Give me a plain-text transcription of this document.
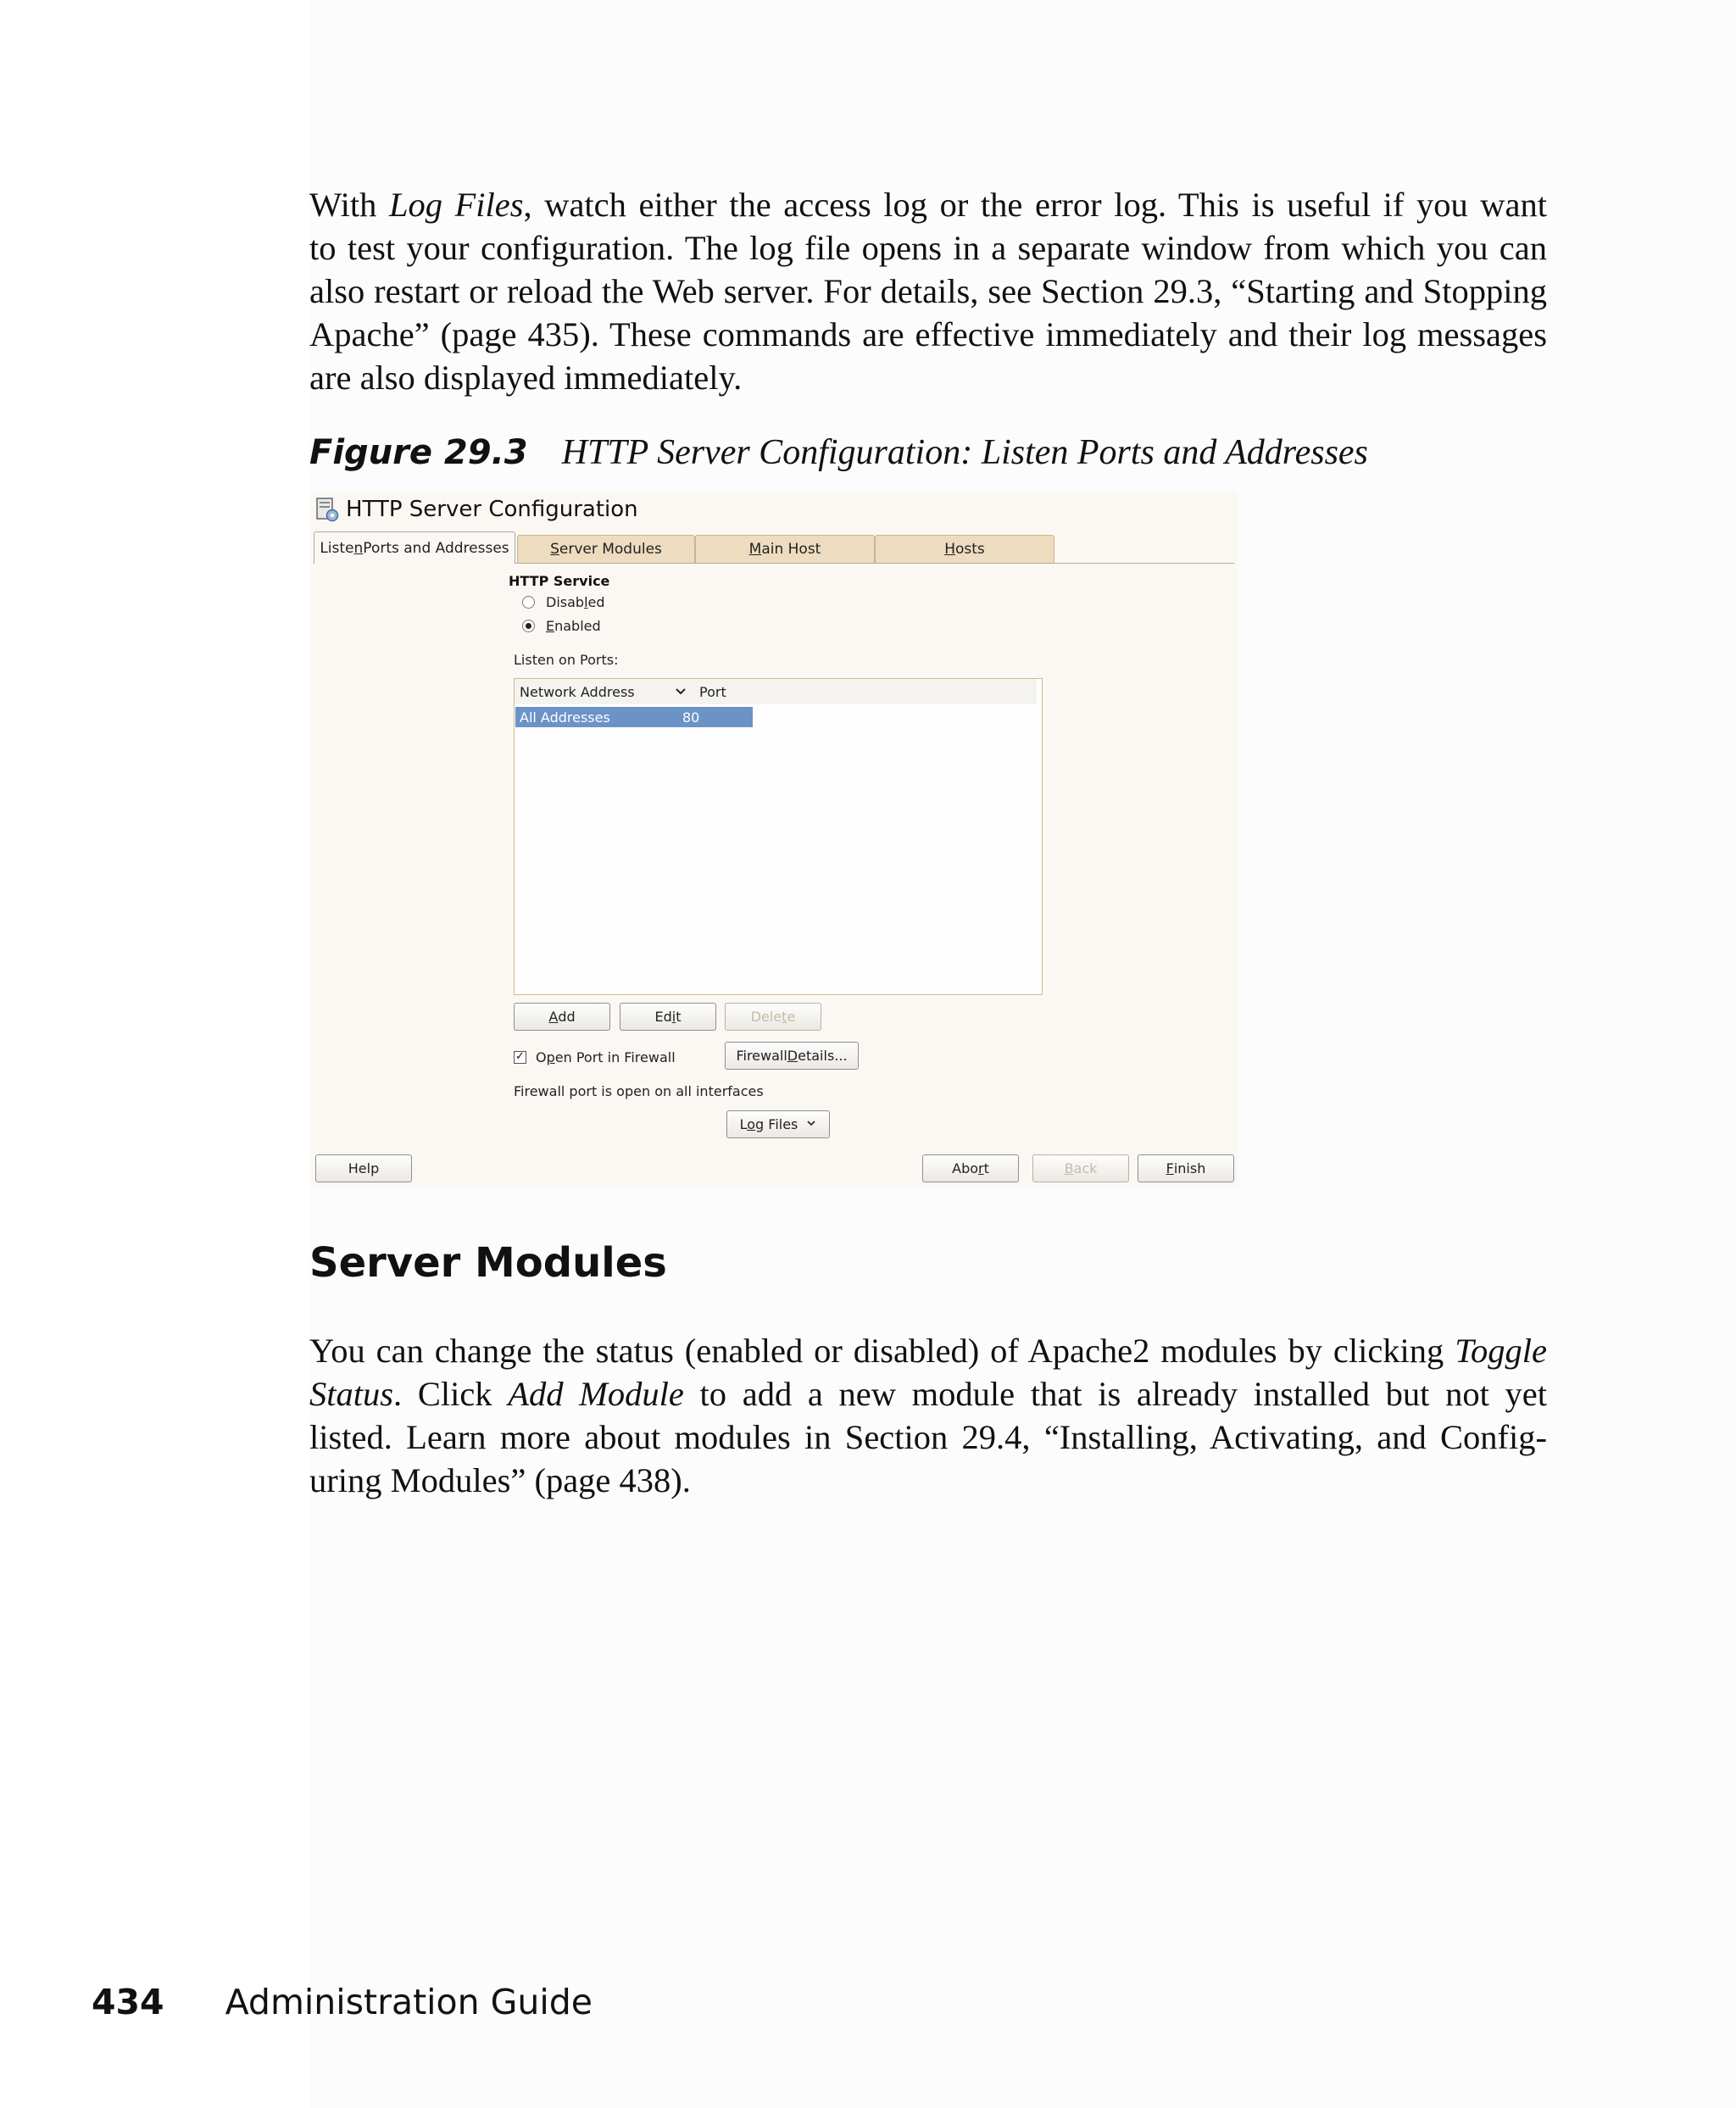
With Log Files, watch either the access log or the error log. This is useful if you want
to test your configuration. The log file opens in a separate window from which you can
also restart or reload the Web server. For details, see Section 29.3, “Starting and Stopping
Apache” (page 435). These commands are effective immediately and their log messages
are also displayed immediately.
Figure 29.3 HTTP Server Configuration: Listen Ports and Addresses
HTTP Server Configuration
Liste n Ports and Addresses	S erver Modules	M ain Host	H osts
HTTP Service
Disabled
Enabled
Listen on Ports:
Network Address	Port
All Addresses	80
A dd	Ed i t	Dele t e
✓ Open Port in Firewall	Firewall D etails...
Firewall port is open on all interfaces
Log Files
Help	Abo r t	B ack	F inish
Server Modules
You can change the status (enabled or disabled) of Apache2 modules by clicking Toggle
Status. Click Add Module to add a new module that is already installed but not yet
listed. Learn more about modules in Section 29.4, “Installing, Activating, and Config-
uring Modules” (page 438).
434 Administration Guide
